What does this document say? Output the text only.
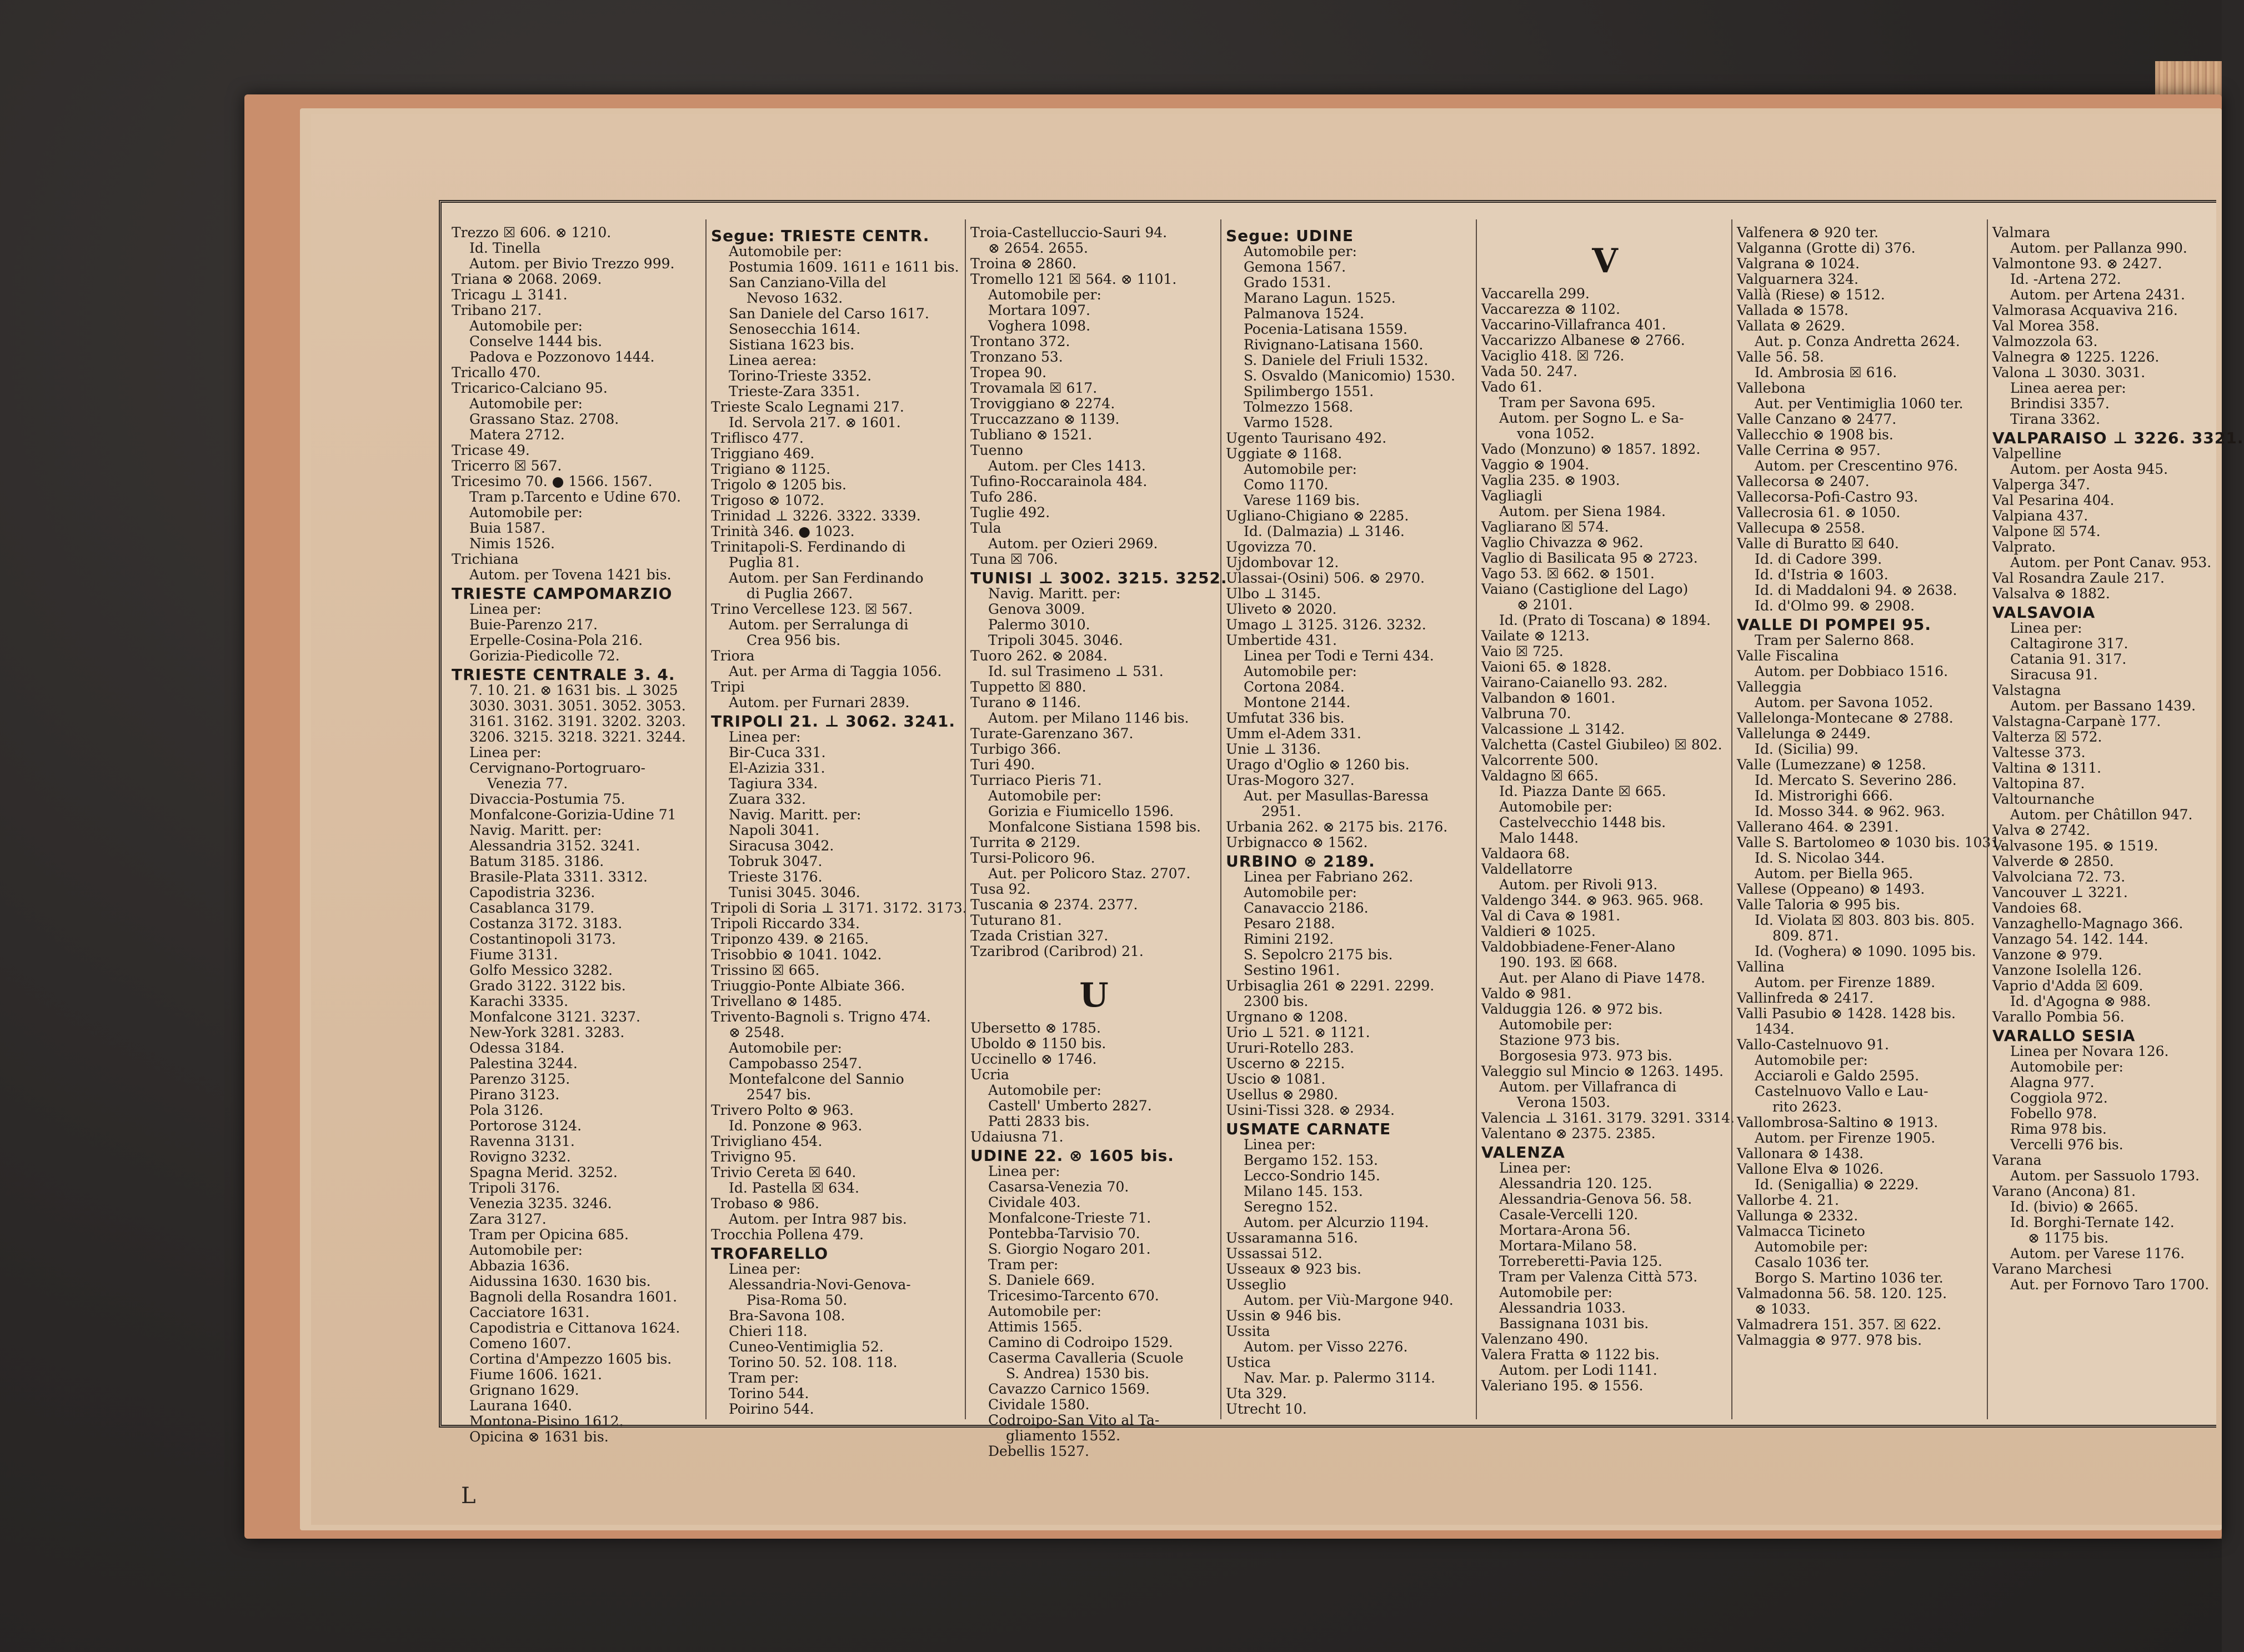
Trezzo ☒ 606. ⊗ 1210.
Id. Tinella
Autom. per Bivio Trezzo 999.
Triana ⊗ 2068. 2069.
Tricagu ⊥ 3141.
Tribano 217.
Automobile per:
Conselve 1444 bis.
Padova e Pozzonovo 1444.
Tricallo 470.
Tricarico-Calciano 95.
Automobile per:
Grassano Staz. 2708.
Matera 2712.
Tricase 49.
Tricerro ☒ 567.
Tricesimo 70. ● 1566. 1567.
Tram p.Tarcento e Udine 670.
Automobile per:
Buia 1587.
Nimis 1526.
Trichiana
Autom. per Tovena 1421 bis.
TRIESTE CAMPOMARZIO
Linea per:
Buie-Parenzo 217.
Erpelle-Cosina-Pola 216.
Gorizia-Piedicolle 72.
TRIESTE CENTRALE 3. 4.
7. 10. 21. ⊗ 1631 bis. ⊥ 3025
3030. 3031. 3051. 3052. 3053.
3161. 3162. 3191. 3202. 3203.
3206. 3215. 3218. 3221. 3244.
Linea per:
Cervignano-Portogruaro-
Venezia 77.
Divaccia-Postumia 75.
Monfalcone-Gorizia-Udine 71
Navig. Maritt. per:
Alessandria 3152. 3241.
Batum 3185. 3186.
Brasile-Plata 3311. 3312.
Capodistria 3236.
Casablanca 3179.
Costanza 3172. 3183.
Costantinopoli 3173.
Fiume 3131.
Golfo Messico 3282.
Grado 3122. 3122 bis.
Karachi 3335.
Monfalcone 3121. 3237.
New-York 3281. 3283.
Odessa 3184.
Palestina 3244.
Parenzo 3125.
Pirano 3123.
Pola 3126.
Portorose 3124.
Ravenna 3131.
Rovigno 3232.
Spagna Merid. 3252.
Tripoli 3176.
Venezia 3235. 3246.
Zara 3127.
Tram per Opicina 685.
Automobile per:
Abbazia 1636.
Aidussina 1630. 1630 bis.
Bagnoli della Rosandra 1601.
Cacciatore 1631.
Capodistria e Cittanova 1624.
Comeno 1607.
Cortina d'Ampezzo 1605 bis.
Fiume 1606. 1621.
Grignano 1629.
Laurana 1640.
Montona-Pisino 1612.
Opicina ⊗ 1631 bis.
Segue: TRIESTE CENTR.
Automobile per:
Postumia 1609. 1611 e 1611 bis.
San Canziano-Villa del
Nevoso 1632.
San Daniele del Carso 1617.
Senosecchia 1614.
Sistiana 1623 bis.
Linea aerea:
Torino-Trieste 3352.
Trieste-Zara 3351.
Trieste Scalo Legnami 217.
Id. Servola 217. ⊗ 1601.
Triflisco 477.
Triggiano 469.
Trigiano ⊗ 1125.
Trigolo ⊗ 1205 bis.
Trigoso ⊗ 1072.
Trinidad ⊥ 3226. 3322. 3339.
Trinità 346. ● 1023.
Trinitapoli-S. Ferdinando di
Puglia 81.
Autom. per San Ferdinando
di Puglia 2667.
Trino Vercellese 123. ☒ 567.
Autom. per Serralunga di
Crea 956 bis.
Triora
Aut. per Arma di Taggia 1056.
Tripi
Autom. per Furnari 2839.
TRIPOLI 21. ⊥ 3062. 3241.
Linea per:
Bir-Cuca 331.
El-Azizia 331.
Tagiura 334.
Zuara 332.
Navig. Maritt. per:
Napoli 3041.
Siracusa 3042.
Tobruk 3047.
Trieste 3176.
Tunisi 3045. 3046.
Tripoli di Soria ⊥ 3171. 3172. 3173.
Tripoli Riccardo 334.
Triponzo 439. ⊗ 2165.
Trisobbio ⊗ 1041. 1042.
Trissino ☒ 665.
Triuggio-Ponte Albiate 366.
Trivellano ⊗ 1485.
Trivento-Bagnoli s. Trigno 474.
⊗ 2548.
Automobile per:
Campobasso 2547.
Montefalcone del Sannio
2547 bis.
Trivero Polto ⊗ 963.
Id. Ponzone ⊗ 963.
Trivigliano 454.
Trivigno 95.
Trivio Cereta ☒ 640.
Id. Pastella ☒ 634.
Trobaso ⊗ 986.
Autom. per Intra 987 bis.
Trocchia Pollena 479.
TROFARELLO
Linea per:
Alessandria-Novi-Genova-
Pisa-Roma 50.
Bra-Savona 108.
Chieri 118.
Cuneo-Ventimiglia 52.
Torino 50. 52. 108. 118.
Tram per:
Torino 544.
Poirino 544.
Troia-Castelluccio-Sauri 94.
⊗ 2654. 2655.
Troina ⊗ 2860.
Tromello 121 ☒ 564. ⊗ 1101.
Automobile per:
Mortara 1097.
Voghera 1098.
Trontano 372.
Tronzano 53.
Tropea 90.
Trovamala ☒ 617.
Troviggiano ⊗ 2274.
Truccazzano ⊗ 1139.
Tubliano ⊗ 1521.
Tuenno
Autom. per Cles 1413.
Tufino-Roccarainola 484.
Tufo 286.
Tuglie 492.
Tula
Autom. per Ozieri 2969.
Tuna ☒ 706.
TUNISI ⊥ 3002. 3215. 3252.
Navig. Maritt. per:
Genova 3009.
Palermo 3010.
Tripoli 3045. 3046.
Tuoro 262. ⊗ 2084.
Id. sul Trasimeno ⊥ 531.
Tuppetto ☒ 880.
Turano ⊗ 1146.
Autom. per Milano 1146 bis.
Turate-Garenzano 367.
Turbigo 366.
Turi 490.
Turriaco Pieris 71.
Automobile per:
Gorizia e Fiumicello 1596.
Monfalcone Sistiana 1598 bis.
Turrita ⊗ 2129.
Tursi-Policoro 96.
Aut. per Policoro Staz. 2707.
Tusa 92.
Tuscania ⊗ 2374. 2377.
Tuturano 81.
Tzada Cristian 327.
Tzaribrod (Caribrod) 21.
U
Ubersetto ⊗ 1785.
Uboldo ⊗ 1150 bis.
Uccinello ⊗ 1746.
Ucria
Automobile per:
Castell' Umberto 2827.
Patti 2833 bis.
Udaiusna 71.
UDINE 22. ⊗ 1605 bis.
Linea per:
Casarsa-Venezia 70.
Cividale 403.
Monfalcone-Trieste 71.
Pontebba-Tarvisio 70.
S. Giorgio Nogaro 201.
Tram per:
S. Daniele 669.
Tricesimo-Tarcento 670.
Automobile per:
Attimis 1565.
Camino di Codroipo 1529.
Caserma Cavalleria (Scuole
S. Andrea) 1530 bis.
Cavazzo Carnico 1569.
Cividale 1580.
Codroipo-San Vito al Ta-
gliamento 1552.
Debellis 1527.
Segue: UDINE
Automobile per:
Gemona 1567.
Grado 1531.
Marano Lagun. 1525.
Palmanova 1524.
Pocenia-Latisana 1559.
Rivignano-Latisana 1560.
S. Daniele del Friuli 1532.
S. Osvaldo (Manicomio) 1530.
Spilimbergo 1551.
Tolmezzo 1568.
Varmo 1528.
Ugento Taurisano 492.
Uggiate ⊗ 1168.
Automobile per:
Como 1170.
Varese 1169 bis.
Ugliano-Chigiano ⊗ 2285.
Id. (Dalmazia) ⊥ 3146.
Ugovizza 70.
Ujdombovar 12.
Ulassai-(Osini) 506. ⊗ 2970.
Ulbo ⊥ 3145.
Uliveto ⊗ 2020.
Umago ⊥ 3125. 3126. 3232.
Umbertide 431.
Linea per Todi e Terni 434.
Automobile per:
Cortona 2084.
Montone 2144.
Umfutat 336 bis.
Umm el-Adem 331.
Unie ⊥ 3136.
Urago d'Oglio ⊗ 1260 bis.
Uras-Mogoro 327.
Aut. per Masullas-Baressa
2951.
Urbania 262. ⊗ 2175 bis. 2176.
Urbignacco ⊗ 1562.
URBINO ⊗ 2189.
Linea per Fabriano 262.
Automobile per:
Canavaccio 2186.
Pesaro 2188.
Rimini 2192.
S. Sepolcro 2175 bis.
Sestino 1961.
Urbisaglia 261 ⊗ 2291. 2299.
2300 bis.
Urgnano ⊗ 1208.
Urio ⊥ 521. ⊗ 1121.
Ururi-Rotello 283.
Uscerno ⊗ 2215.
Uscio ⊗ 1081.
Usellus ⊗ 2980.
Usini-Tissi 328. ⊗ 2934.
USMATE CARNATE
Linea per:
Bergamo 152. 153.
Lecco-Sondrio 145.
Milano 145. 153.
Seregno 152.
Autom. per Alcurzio 1194.
Ussaramanna 516.
Ussassai 512.
Usseaux ⊗ 923 bis.
Usseglio
Autom. per Viù-Margone 940.
Ussin ⊗ 946 bis.
Ussita
Autom. per Visso 2276.
Ustica
Nav. Mar. p. Palermo 3114.
Uta 329.
Utrecht 10.
V
Vaccarella 299.
Vaccarezza ⊗ 1102.
Vaccarino-Villafranca 401.
Vaccarizzo Albanese ⊗ 2766.
Vaciglio 418. ☒ 726.
Vada 50. 247.
Vado 61.
Tram per Savona 695.
Autom. per Sogno L. e Sa-
vona 1052.
Vado (Monzuno) ⊗ 1857. 1892.
Vaggio ⊗ 1904.
Vaglia 235. ⊗ 1903.
Vagliagli
Autom. per Siena 1984.
Vagliarano ☒ 574.
Vaglio Chivazza ⊗ 962.
Vaglio di Basilicata 95 ⊗ 2723.
Vago 53. ☒ 662. ⊗ 1501.
Vaiano (Castiglione del Lago)
⊗ 2101.
Id. (Prato di Toscana) ⊗ 1894.
Vailate ⊗ 1213.
Vaio ☒ 725.
Vaioni 65. ⊗ 1828.
Vairano-Caianello 93. 282.
Valbandon ⊗ 1601.
Valbruna 70.
Valcassione ⊥ 3142.
Valchetta (Castel Giubileo) ☒ 802.
Valcorrente 500.
Valdagno ☒ 665.
Id. Piazza Dante ☒ 665.
Automobile per:
Castelvecchio 1448 bis.
Malo 1448.
Valdaora 68.
Valdellatorre
Autom. per Rivoli 913.
Valdengo 344. ⊗ 963. 965. 968.
Val di Cava ⊗ 1981.
Valdieri ⊗ 1025.
Valdobbiadene-Fener-Alano
190. 193. ☒ 668.
Aut. per Alano di Piave 1478.
Valdo ⊗ 981.
Valduggia 126. ⊗ 972 bis.
Automobile per:
Stazione 973 bis.
Borgosesia 973. 973 bis.
Valeggio sul Mincio ⊗ 1263. 1495.
Autom. per Villafranca di
Verona 1503.
Valencia ⊥ 3161. 3179. 3291. 3314.
Valentano ⊗ 2375. 2385.
VALENZA
Linea per:
Alessandria 120. 125.
Alessandria-Genova 56. 58.
Casale-Vercelli 120.
Mortara-Arona 56.
Mortara-Milano 58.
Torreberetti-Pavia 125.
Tram per Valenza Città 573.
Automobile per:
Alessandria 1033.
Bassignana 1031 bis.
Valenzano 490.
Valera Fratta ⊗ 1122 bis.
Autom. per Lodi 1141.
Valeriano 195. ⊗ 1556.
Valfenera ⊗ 920 ter.
Valganna (Grotte di) 376.
Valgrana ⊗ 1024.
Valguarnera 324.
Vallà (Riese) ⊗ 1512.
Vallada ⊗ 1578.
Vallata ⊗ 2629.
Aut. p. Conza Andretta 2624.
Valle 56. 58.
Id. Ambrosia ☒ 616.
Vallebona
Aut. per Ventimiglia 1060 ter.
Valle Canzano ⊗ 2477.
Vallecchio ⊗ 1908 bis.
Valle Cerrina ⊗ 957.
Autom. per Crescentino 976.
Vallecorsa ⊗ 2407.
Vallecorsa-Pofi-Castro 93.
Vallecrosia 61. ⊗ 1050.
Vallecupa ⊗ 2558.
Valle di Buratto ☒ 640.
Id. di Cadore 399.
Id. d'Istria ⊗ 1603.
Id. di Maddaloni 94. ⊗ 2638.
Id. d'Olmo 99. ⊗ 2908.
VALLE DI POMPEI 95.
Tram per Salerno 868.
Valle Fiscalina
Autom. per Dobbiaco 1516.
Valleggia
Autom. per Savona 1052.
Vallelonga-Montecane ⊗ 2788.
Vallelunga ⊗ 2449.
Id. (Sicilia) 99.
Valle (Lumezzane) ⊗ 1258.
Id. Mercato S. Severino 286.
Id. Mistrorighi 666.
Id. Mosso 344. ⊗ 962. 963.
Vallerano 464. ⊗ 2391.
Valle S. Bartolomeo ⊗ 1030 bis. 1031.
Id. S. Nicolao 344.
Autom. per Biella 965.
Vallese (Oppeano) ⊗ 1493.
Valle Taloria ⊗ 995 bis.
Id. Violata ☒ 803. 803 bis. 805.
809. 871.
Id. (Voghera) ⊗ 1090. 1095 bis.
Vallina
Autom. per Firenze 1889.
Vallinfreda ⊗ 2417.
Valli Pasubio ⊗ 1428. 1428 bis.
1434.
Vallo-Castelnuovo 91.
Automobile per:
Acciaroli e Galdo 2595.
Castelnuovo Vallo e Lau-
rito 2623.
Vallombrosa-Saltino ⊗ 1913.
Autom. per Firenze 1905.
Vallonara ⊗ 1438.
Vallone Elva ⊗ 1026.
Id. (Senigallia) ⊗ 2229.
Vallorbe 4. 21.
Vallunga ⊗ 2332.
Valmacca Ticineto
Automobile per:
Casalo 1036 ter.
Borgo S. Martino 1036 ter.
Valmadonna 56. 58. 120. 125.
⊗ 1033.
Valmadrera 151. 357. ☒ 622.
Valmaggia ⊗ 977. 978 bis.
Valmara
Autom. per Pallanza 990.
Valmontone 93. ⊗ 2427.
Id. -Artena 272.
Autom. per Artena 2431.
Valmorasa Acquaviva 216.
Val Morea 358.
Valmozzola 63.
Valnegra ⊗ 1225. 1226.
Valona ⊥ 3030. 3031.
Linea aerea per:
Brindisi 3357.
Tirana 3362.
VALPARAISO ⊥ 3226. 3321.
Valpelline
Autom. per Aosta 945.
Valperga 347.
Val Pesarina 404.
Valpiana 437.
Valpone ☒ 574.
Valprato.
Autom. per Pont Canav. 953.
Val Rosandra Zaule 217.
Valsalva ⊗ 1882.
VALSAVOIA
Linea per:
Caltagirone 317.
Catania 91. 317.
Siracusa 91.
Valstagna
Autom. per Bassano 1439.
Valstagna-Carpanè 177.
Valterza ☒ 572.
Valtesse 373.
Valtina ⊗ 1311.
Valtopina 87.
Valtournanche
Autom. per Châtillon 947.
Valva ⊗ 2742.
Valvasone 195. ⊗ 1519.
Valverde ⊗ 2850.
Valvolciana 72. 73.
Vancouver ⊥ 3221.
Vandoies 68.
Vanzaghello-Magnago 366.
Vanzago 54. 142. 144.
Vanzone ⊗ 979.
Vanzone Isolella 126.
Vaprio d'Adda ☒ 609.
Id. d'Agogna ⊗ 988.
Varallo Pombia 56.
VARALLO SESIA
Linea per Novara 126.
Automobile per:
Alagna 977.
Coggiola 972.
Fobello 978.
Rima 978 bis.
Vercelli 976 bis.
Varana
Autom. per Sassuolo 1793.
Varano (Ancona) 81.
Id. (bivio) ⊗ 2665.
Id. Borghi-Ternate 142.
⊗ 1175 bis.
Autom. per Varese 1176.
Varano Marchesi
Aut. per Fornovo Taro 1700.
L
